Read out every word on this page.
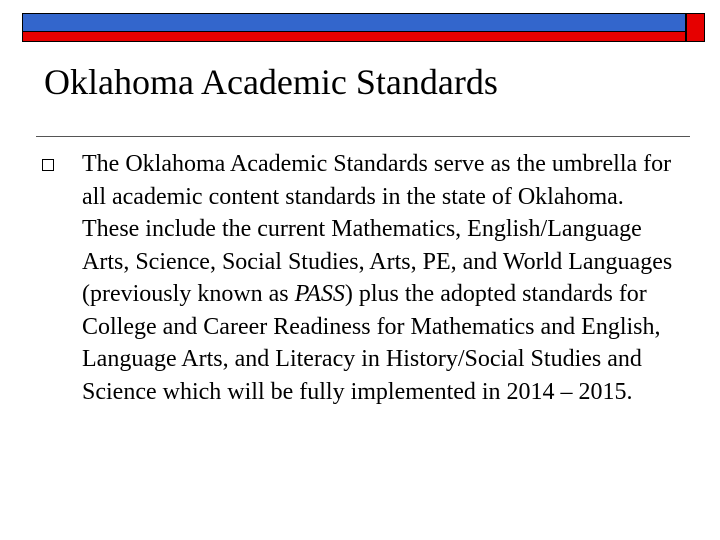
Oklahoma Academic Standards
The Oklahoma Academic Standards serve as the umbrella for all academic content standards in the state of Oklahoma. These include the current Mathematics, English/Language Arts, Science, Social Studies, Arts, PE, and World Languages (previously known as PASS) plus the adopted standards for College and Career Readiness for Mathematics and English, Language Arts, and Literacy in History/Social Studies and Science which will be fully implemented in 2014 – 2015.
